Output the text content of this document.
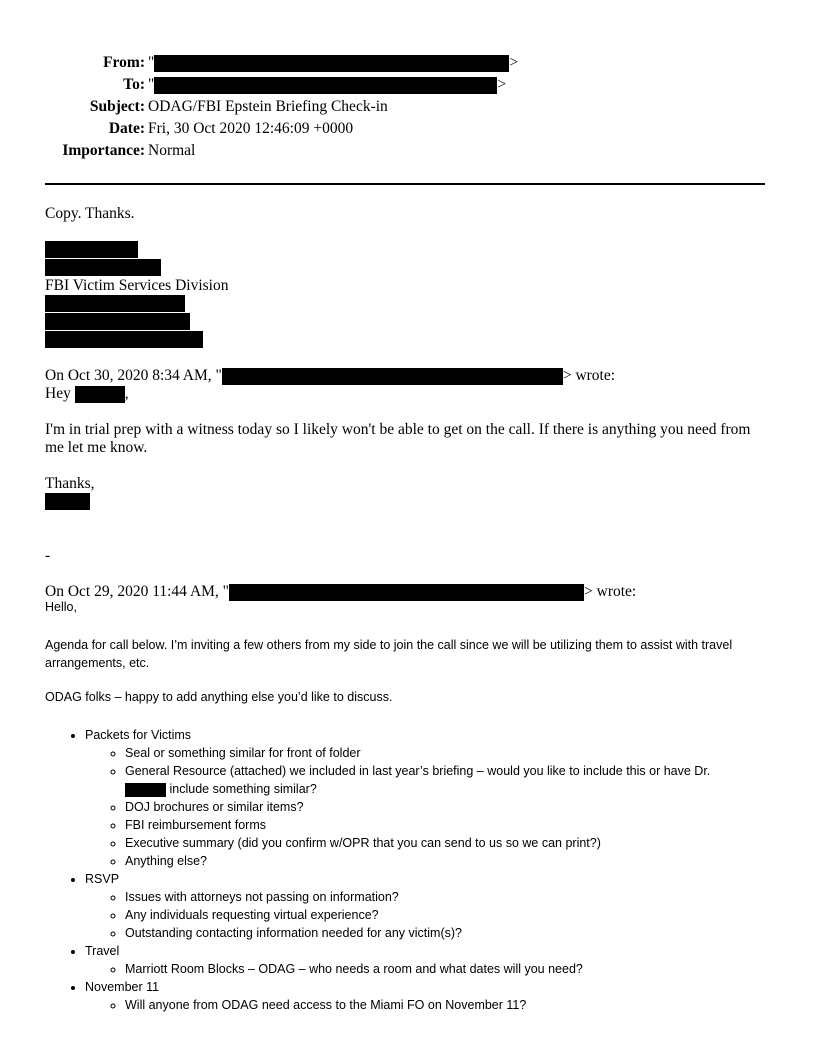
From: "	>
To: "	>
Subject: ODAG/FBI Epstein Briefing Check-in
Date: Fri, 30 Oct 2020 12:46:09 +0000
Importance: Normal
Copy. Thanks.
FBI Victim Services Division
On Oct 30, 2020 8:34 AM, "	> wrote:
Hey	,
I'm in trial prep with a witness today so I likely won't be able to get on the call. If there is anything you need from me let me know.
Thanks,
-
On Oct 29, 2020 11:44 AM, "	> wrote:
Hello,
Agenda for call below. I’m inviting a few others from my side to join the call since we will be utilizing them to assist with travel arrangements, etc.
ODAG folks – happy to add anything else you’d like to discuss.
• Packets for Victims
◦ Seal or something similar for front of folder
◦ General Resource (attached) we included in last year’s briefing – would you like to include this or have Dr.
include something similar?
◦ DOJ brochures or similar items?
◦ FBI reimbursement forms
◦ Executive summary (did you confirm w/OPR that you can send to us so we can print?)
◦ Anything else?
• RSVP
◦ Issues with attorneys not passing on information?
◦ Any individuals requesting virtual experience?
◦ Outstanding contacting information needed for any victim(s)?
• Travel
◦ Marriott Room Blocks – ODAG – who needs a room and what dates will you need?
• November 11
◦ Will anyone from ODAG need access to the Miami FO on November 11?
